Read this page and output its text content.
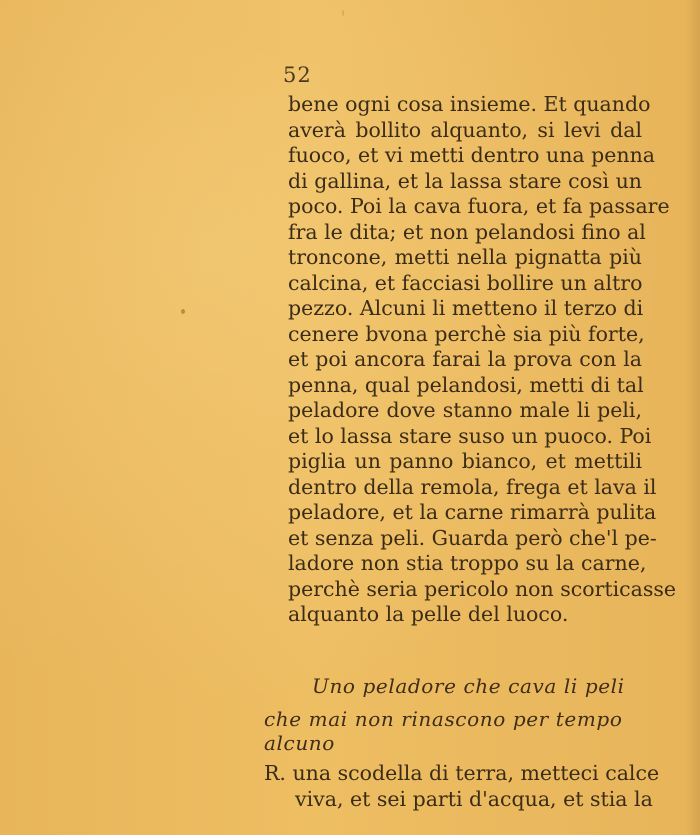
52
bene ogni cosa insieme. Et quando
averà bollito alquanto, si levi dal
fuoco, et vi metti dentro una penna
di gallina, et la lassa stare così un
poco. Poi la cava fuora, et fa passare
fra le dita; et non pelandosi fino al
troncone, metti nella pignatta più
calcina, et facciasi bollire un altro
pezzo. Alcuni li metteno il terzo di
cenere bvona perchè sia più forte,
et poi ancora farai la prova con la
penna, qual pelandosi, metti di tal
peladore dove stanno male li peli,
et lo lassa stare suso un puoco. Poi
piglia un panno bianco, et mettili
dentro della remola, frega et lava il
peladore, et la carne rimarrà pulita
et senza peli. Guarda però che'l pe-
ladore non stia troppo su la carne,
perchè seria pericolo non scorticasse
alquanto la pelle del luoco.
Uno peladore che cava li peli
che mai non rinascono per tempo alcuno
R. una scodella di terra, metteci calce
viva, et sei parti d'acqua, et stia la
